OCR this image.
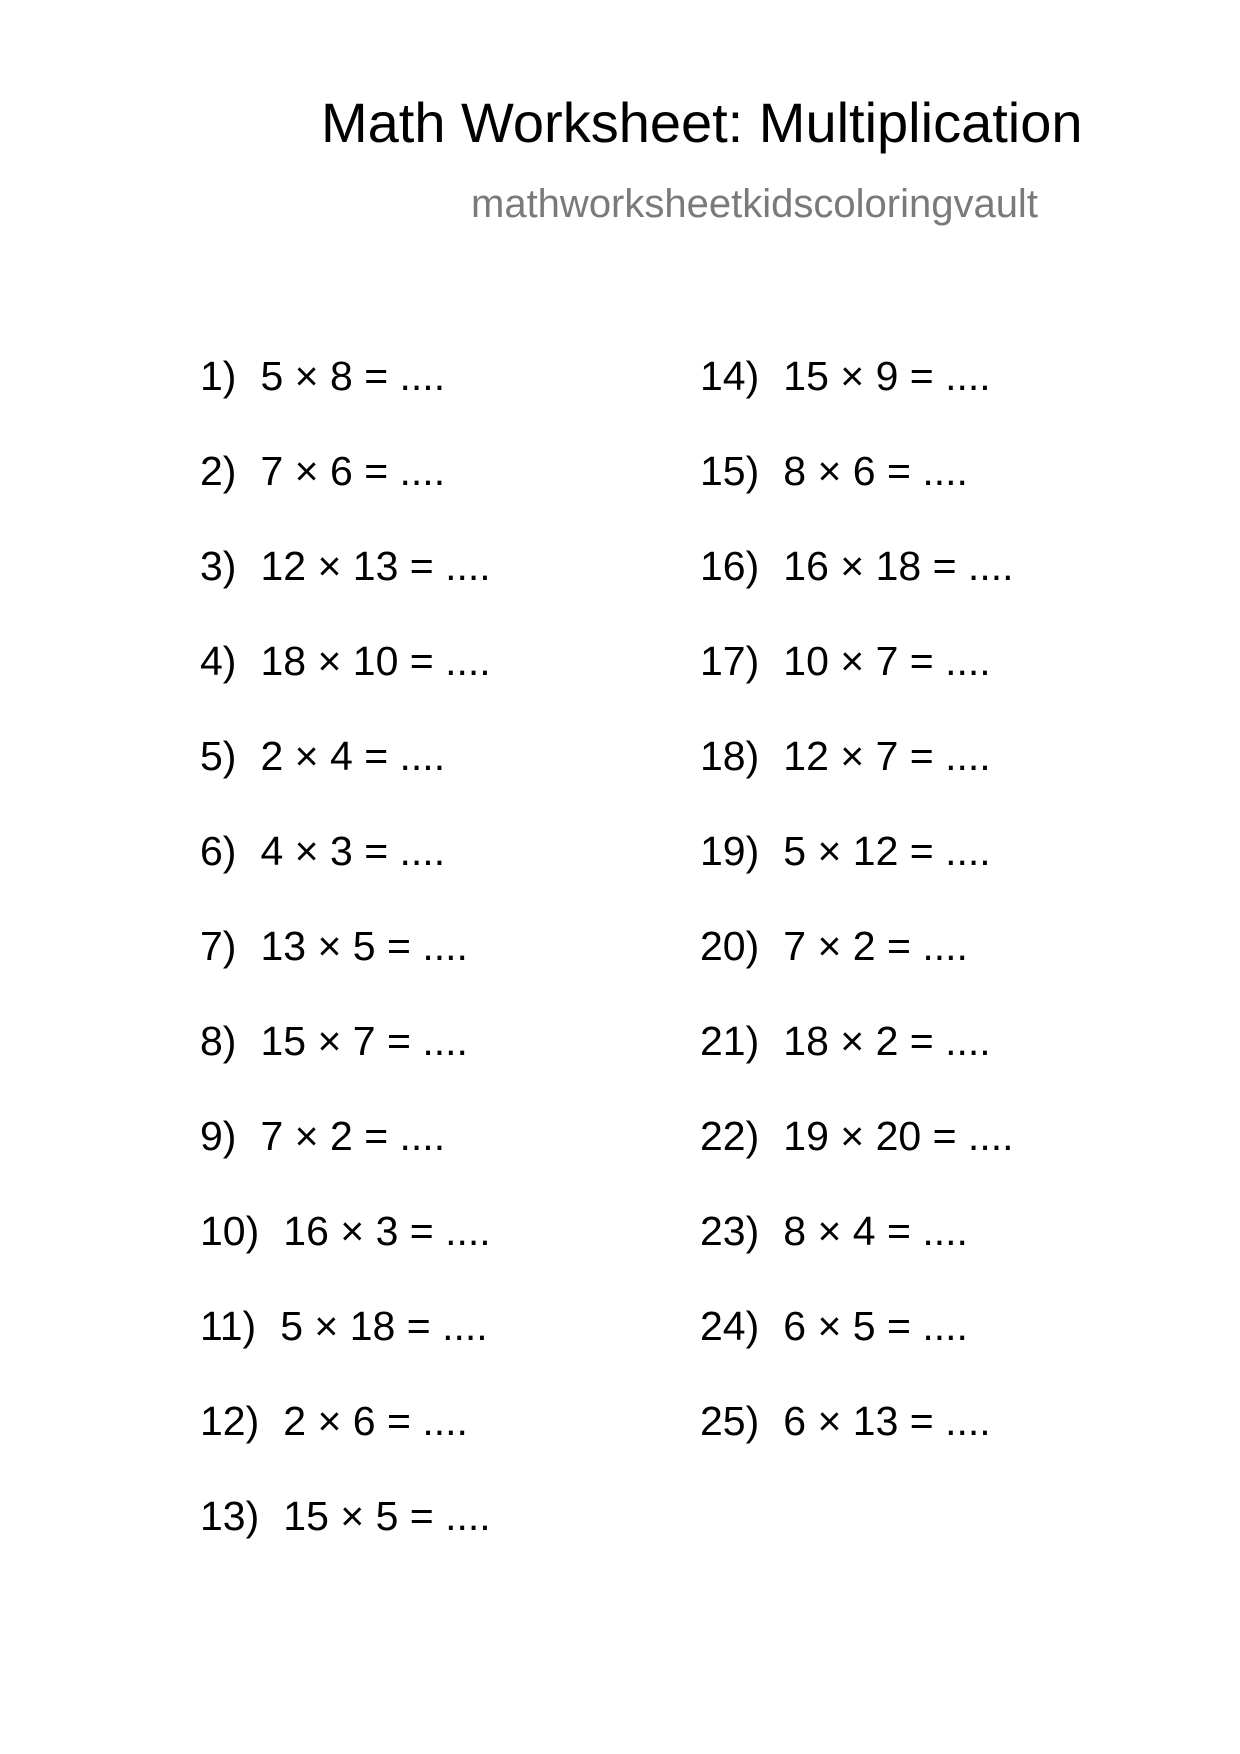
Math Worksheet: Multiplication
mathworksheetkidscoloringvault
1) 5 × 8 = ....
2) 7 × 6 = ....
3) 12 × 13 = ....
4) 18 × 10 = ....
5) 2 × 4 = ....
6) 4 × 3 = ....
7) 13 × 5 = ....
8) 15 × 7 = ....
9) 7 × 2 = ....
10) 16 × 3 = ....
11) 5 × 18 = ....
12) 2 × 6 = ....
13) 15 × 5 = ....
14) 15 × 9 = ....
15) 8 × 6 = ....
16) 16 × 18 = ....
17) 10 × 7 = ....
18) 12 × 7 = ....
19) 5 × 12 = ....
20) 7 × 2 = ....
21) 18 × 2 = ....
22) 19 × 20 = ....
23) 8 × 4 = ....
24) 6 × 5 = ....
25) 6 × 13 = ....
